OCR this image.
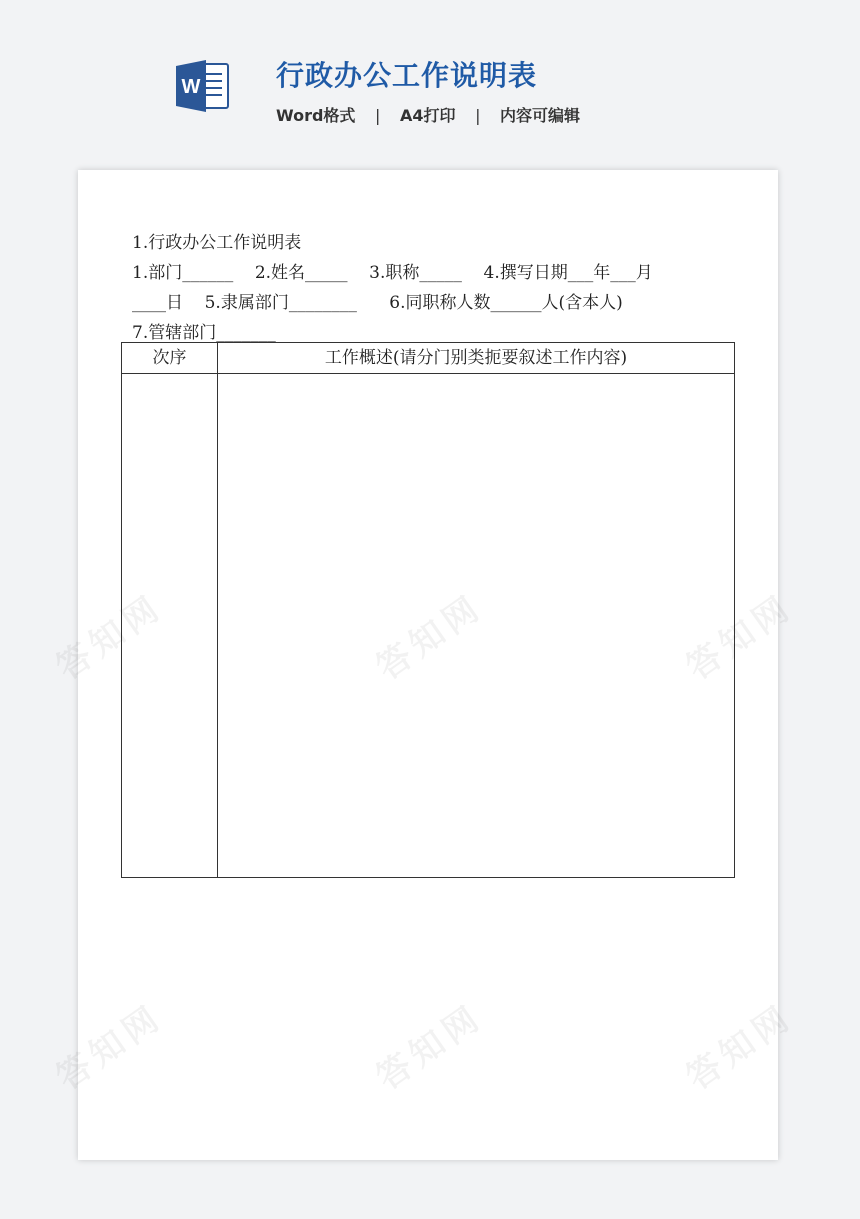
W	行政办公工作说明表
Word格式 | A4打印 | 内容可编辑
1.行政办公工作说明表
1.部门______    2.姓名_____    3.职称_____    4.撰写日期___年___月
____日    5.隶属部门________      6.同职称人数______人(含本人)
7.管辖部门_______
次序	工作概述(请分门别类扼要叙述工作内容)
答知网	答知网	答知网
答知网	答知网	答知网
